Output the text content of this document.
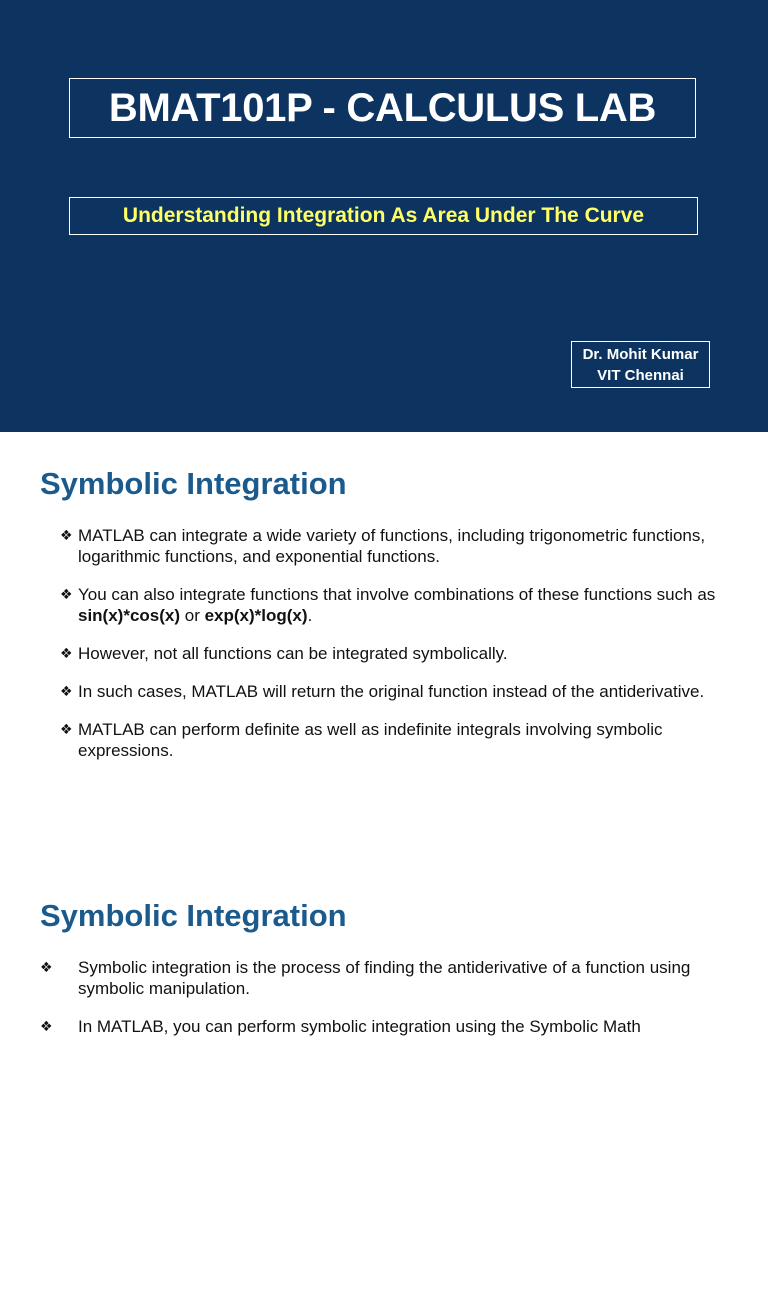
BMAT101P - CALCULUS LAB
Understanding Integration As Area Under The Curve
Dr. Mohit Kumar
VIT Chennai
Symbolic Integration
❖ MATLAB can integrate a wide variety of functions, including trigonometric functions, logarithmic functions, and exponential functions.
❖ You can also integrate functions that involve combinations of these functions such as sin(x)*cos(x) or exp(x)*log(x).
❖ However, not all functions can be integrated symbolically.
❖ In such cases, MATLAB will return the original function instead of the antiderivative.
❖ MATLAB can perform definite as well as indefinite integrals involving symbolic expressions.
Symbolic Integration
❖ Symbolic integration is the process of finding the antiderivative of a function using symbolic manipulation.
❖ In MATLAB, you can perform symbolic integration using the Symbolic Math
